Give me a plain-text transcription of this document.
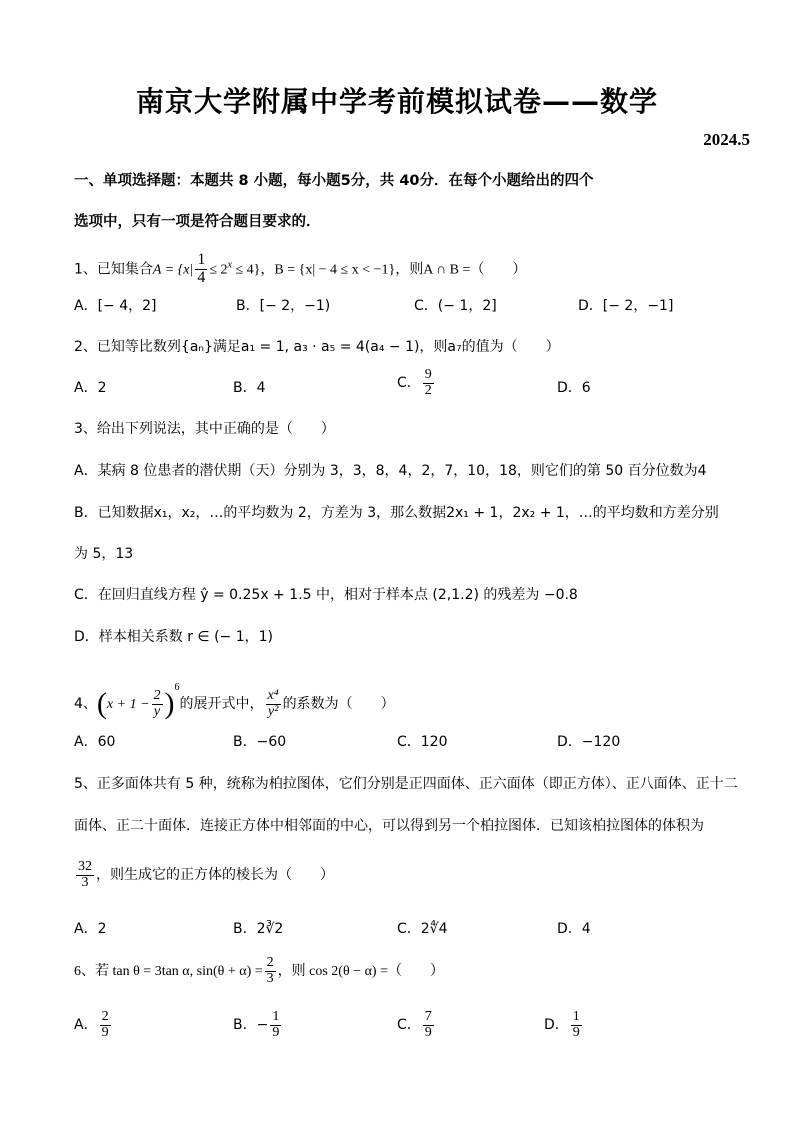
南京大学附属中学考前模拟试卷——数学
2024.5
一、单项选择题：本题共 8 小题，每小题5分，共 40分．在每个小题给出的四个
选项中，只有一项是符合题目要求的．
1、已知集合$A = \{x| \frac{1}{4} \le 2^x \le 4\}$，B = {x| − 4 ≤ x < −1}，则A ∩ B =（　　）
A．[− 4，2]	B．[− 2，−1)	C．(− 1，2]	D．[− 2，−1]
2、已知等比数列{aₙ}满足a₁ = 1, a₃ · a₅ = 4(a₄ − 1)，则a₇的值为（　　）
A．2	B．4	C． $\frac{9}{2}$	D．6
3、给出下列说法，其中正确的是（　　）
A．某病 8 位患者的潜伏期（天）分别为 3，3，8，4，2，7，10，18，则它们的第 50 百分位数为4
B．已知数据x₁，x₂，…的平均数为 2，方差为 3，那么数据2x₁ + 1，2x₂ + 1，…的平均数和方差分别
为 5，13
C．在回归直线方程 ŷ = 0.25x + 1.5 中，相对于样本点 (2,1.2) 的残差为 −0.8
D．样本相关系数 r ∈ (− 1，1)
4、$(x + 1 - \frac{2}{y} )^6$的展开式中， $\frac{\text{x⁴}}{\text{y²}}$ 的系数为（　　）
A．60	B．−60	C．120	D．−120
5、正多面体共有 5 种，统称为柏拉图体，它们分别是正四面体、正六面体（即正方体）、正八面体、正十二
面体、正二十面体．连接正方体中相邻面的中心，可以得到另一个柏拉图体．已知该柏拉图体的体积为
$\frac{32}{3}$ ，则生成它的正方体的棱长为（　　）
A．2	B．2∛2	C．2∜4	D．4
6、若 tan θ = 3tan α, $\sin(\theta + \alpha) = \frac{2}{3}$ ，则 cos 2(θ − α) =（　　）
A． $\frac{2}{9}$	B．− $\frac{1}{9}$	C． $\frac{7}{9}$	D． $\frac{1}{9}$
